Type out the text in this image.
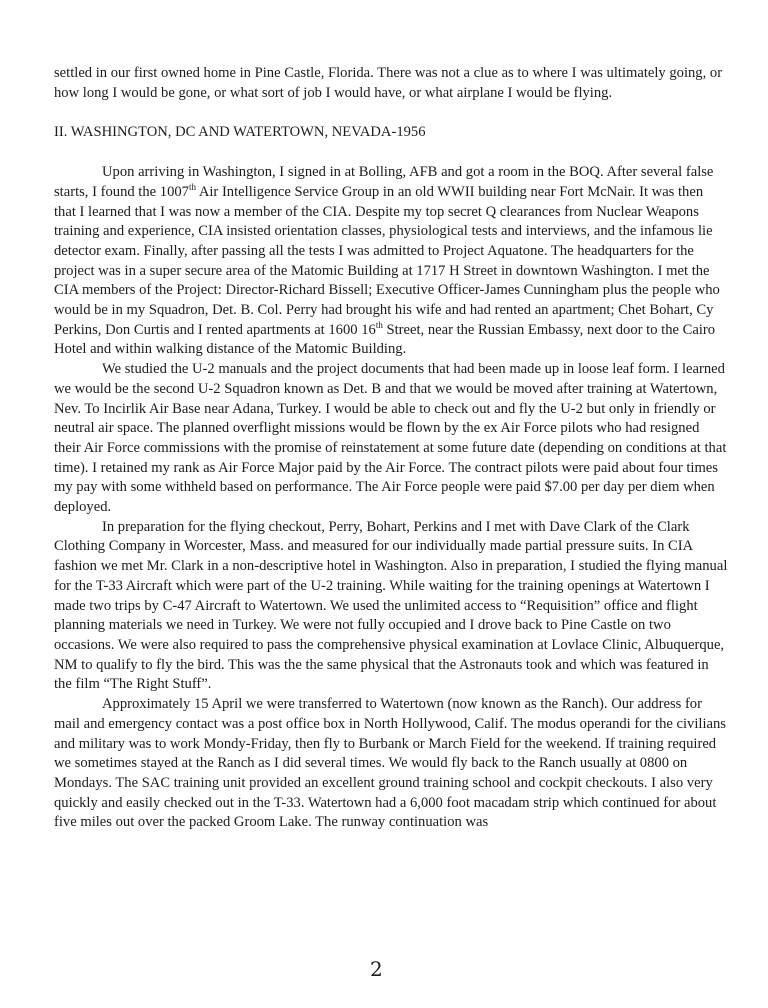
settled in our first owned home in Pine Castle, Florida. There was not a clue as to where I was ultimately going, or how long I would be gone, or what sort of job I would have, or what airplane I would be flying.

II. WASHINGTON, DC AND WATERTOWN, NEVADA-1956

Upon arriving in Washington, I signed in at Bolling, AFB and got a room in the BOQ. After several false starts, I found the 1007th Air Intelligence Service Group in an old WWII building near Fort McNair. It was then that I learned that I was now a member of the CIA. Despite my top secret Q clearances from Nuclear Weapons training and experience, CIA insisted orientation classes, physiological tests and interviews, and the infamous lie detector exam. Finally, after passing all the tests I was admitted to Project Aquatone. The headquarters for the project was in a super secure area of the Matomic Building at 1717 H Street in downtown Washington. I met the CIA members of the Project: Director-Richard Bissell; Executive Officer-James Cunningham plus the people who would be in my Squadron, Det. B. Col. Perry had brought his wife and had rented an apartment; Chet Bohart, Cy Perkins, Don Curtis and I rented apartments at 1600 16th Street, near the Russian Embassy, next door to the Cairo Hotel and within walking distance of the Matomic Building.

We studied the U-2 manuals and the project documents that had been made up in loose leaf form. I learned we would be the second U-2 Squadron known as Det. B and that we would be moved after training at Watertown, Nev. To Incirlik Air Base near Adana, Turkey. I would be able to check out and fly the U-2 but only in friendly or neutral air space. The planned overflight missions would be flown by the ex Air Force pilots who had resigned their Air Force commissions with the promise of reinstatement at some future date (depending on conditions at that time). I retained my rank as Air Force Major paid by the Air Force. The contract pilots were paid about four times my pay with some withheld based on performance. The Air Force people were paid $7.00 per day per diem when deployed.

In preparation for the flying checkout, Perry, Bohart, Perkins and I met with Dave Clark of the Clark Clothing Company in Worcester, Mass. and measured for our individually made partial pressure suits. In CIA fashion we met Mr. Clark in a non-descriptive hotel in Washington. Also in preparation, I studied the flying manual for the T-33 Aircraft which were part of the U-2 training. While waiting for the training openings at Watertown I made two trips by C-47 Aircraft to Watertown. We used the unlimited access to “Requisition” office and flight planning materials we need in Turkey. We were not fully occupied and I drove back to Pine Castle on two occasions. We were also required to pass the comprehensive physical examination at Lovlace Clinic, Albuquerque, NM to qualify to fly the bird. This was the the same physical that the Astronauts took and which was featured in the film “The Right Stuff”.

Approximately 15 April we were transferred to Watertown (now known as the Ranch). Our address for mail and emergency contact was a post office box in North Hollywood, Calif. The modus operandi for the civilians and military was to work Mondy-Friday, then fly to Burbank or March Field for the weekend. If training required we sometimes stayed at the Ranch as I did several times. We would fly back to the Ranch usually at 0800 on Mondays. The SAC training unit provided an excellent ground training school and cockpit checkouts. I also very quickly and easily checked out in the T-33. Watertown had a 6,000 foot macadam strip which continued for about five miles out over the packed Groom Lake. The runway continuation was

2
